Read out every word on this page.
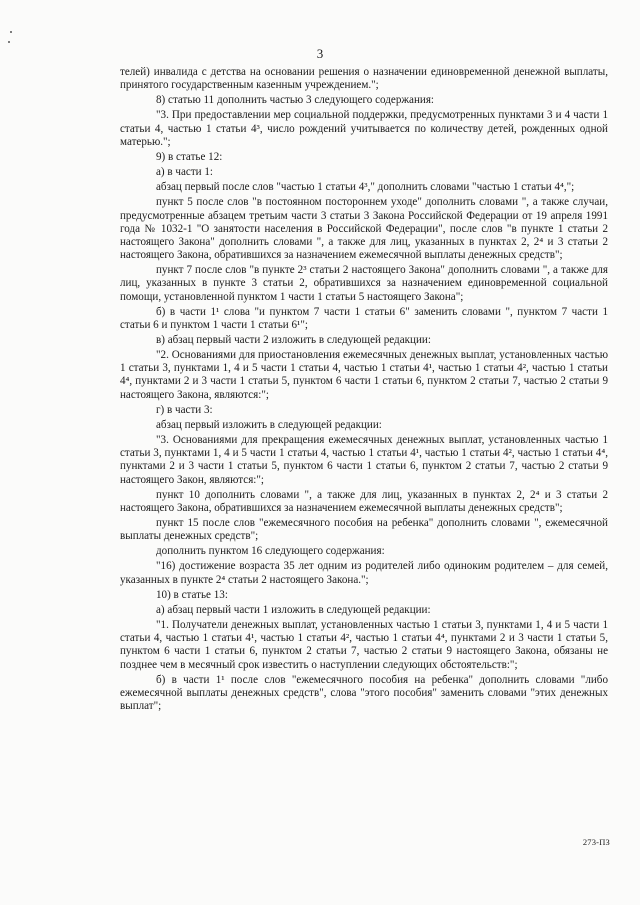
3

телей) инвалида с детства на основании решения о назначении единовременной денежной выплаты, принятого государственным казенным учреждением.";

8) статью 11 дополнить частью 3 следующего содержания:

"3. При предоставлении мер социальной поддержки, предусмотренных пунктами 3 и 4 части 1 статьи 4, частью 1 статьи 4³, число рождений учитывается по количеству детей, рожденных одной матерью.";

9) в статье 12:

а) в части 1:

абзац первый после слов "частью 1 статьи 4³," дополнить словами "частью 1 статьи 4⁴,";

пункт 5 после слов "в постоянном постороннем уходе" дополнить словами ", а также случаи, предусмотренные абзацем третьим части 3 статьи 3 Закона Российской Федерации от 19 апреля 1991 года № 1032-1 "О занятости населения в Российской Федерации", после слов "в пункте 1 статьи 2 настоящего Закона" дополнить словами ", а также для лиц, указанных в пунктах 2, 2⁴ и 3 статьи 2 настоящего Закона, обратившихся за назначением ежемесячной выплаты денежных средств";

пункт 7 после слов "в пункте 2³ статьи 2 настоящего Закона" дополнить словами ", а также для лиц, указанных в пункте 3 статьи 2, обратившихся за назначением единовременной социальной помощи, установленной пунктом 1 части 1 статьи 5 настоящего Закона";

б) в части 1¹ слова "и пунктом 7 части 1 статьи 6" заменить словами ", пунктом 7 части 1 статьи 6 и пунктом 1 части 1 статьи 6¹";

в) абзац первый части 2 изложить в следующей редакции:

"2. Основаниями для приостановления ежемесячных денежных выплат, установленных частью 1 статьи 3, пунктами 1, 4 и 5 части 1 статьи 4, частью 1 статьи 4¹, частью 1 статьи 4², частью 1 статьи 4⁴, пунктами 2 и 3 части 1 статьи 5, пунктом 6 части 1 статьи 6, пунктом 2 статьи 7, частью 2 статьи 9 настоящего Закона, являются:";

г) в части 3:

абзац первый изложить в следующей редакции:

"3. Основаниями для прекращения ежемесячных денежных выплат, установленных частью 1 статьи 3, пунктами 1, 4 и 5 части 1 статьи 4, частью 1 статьи 4¹, частью 1 статьи 4², частью 1 статьи 4⁴, пунктами 2 и 3 части 1 статьи 5, пунктом 6 части 1 статьи 6, пунктом 2 статьи 7, частью 2 статьи 9 настоящего Закон, являются:";

пункт 10 дополнить словами ", а также для лиц, указанных в пунктах 2, 2⁴ и 3 статьи 2 настоящего Закона, обратившихся за назначением ежемесячной выплаты денежных средств";

пункт 15 после слов "ежемесячного пособия на ребенка" дополнить словами ", ежемесячной выплаты денежных средств";

дополнить пунктом 16 следующего содержания:

"16) достижение возраста 35 лет одним из родителей либо одиноким родителем – для семей, указанных в пункте 2⁴ статьи 2 настоящего Закона.";

10) в статье 13:

а) абзац первый части 1 изложить в следующей редакции:

"1. Получатели денежных выплат, установленных частью 1 статьи 3, пунктами 1, 4 и 5 части 1 статьи 4, частью 1 статьи 4¹, частью 1 статьи 4², частью 1 статьи 4⁴, пунктами 2 и 3 части 1 статьи 5, пунктом 6 части 1 статьи 6, пунктом 2 статьи 7, частью 2 статьи 9 настоящего Закона, обязаны не позднее чем в месячный срок известить о наступлении следующих обстоятельств:";

б) в части 1¹ после слов "ежемесячного пособия на ребенка" дополнить словами "либо ежемесячной выплаты денежных средств", слова "этого пособия" заменить словами "этих денежных выплат";

273-ПЗ
